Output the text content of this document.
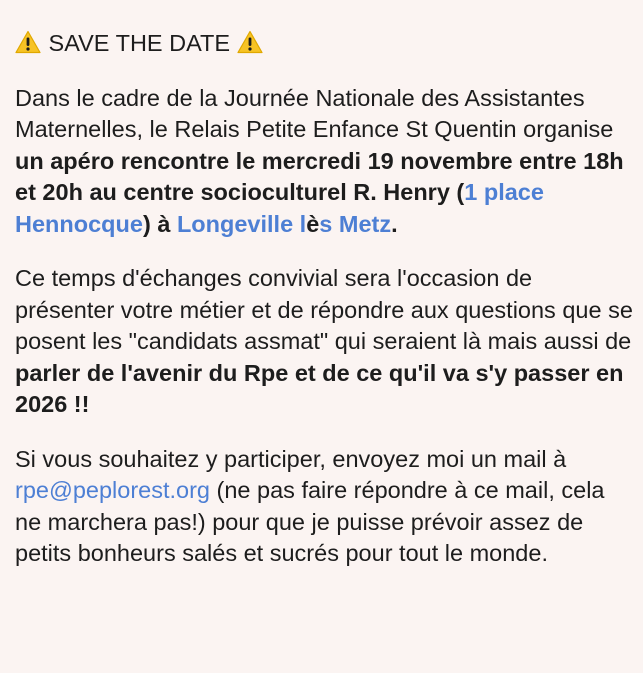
SAVE THE DATE

Dans le cadre de la Journée Nationale des Assistantes Maternelles, le Relais Petite Enfance St Quentin organise un apéro rencontre le mercredi 19 novembre entre 18h et 20h au centre socioculturel R. Henry (1 place Hennocque) à Longeville lès Metz.

Ce temps d'échanges convivial sera l'occasion de présenter votre métier et de répondre aux questions que se posent les "candidats assmat" qui seraient là mais aussi de parler de l'avenir du Rpe et de ce qu'il va s'y passer en 2026 !!

Si vous souhaitez y participer, envoyez moi un mail à rpe@peplorest.org (ne pas faire répondre à ce mail, cela ne marchera pas!) pour que je puisse prévoir assez de petits bonheurs salés et sucrés pour tout le monde.
